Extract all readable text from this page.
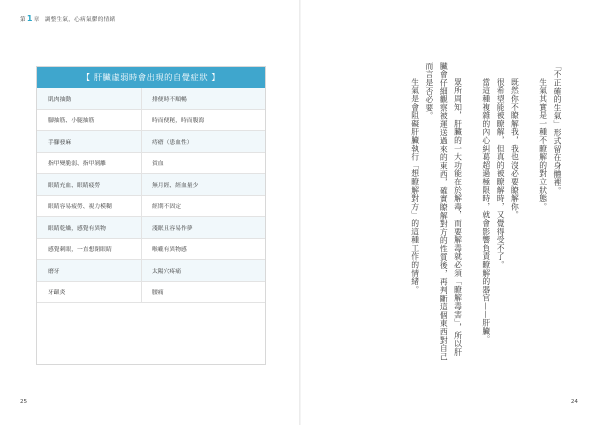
第 1 章 調整生氣，心病氣鬱的情緒
【 肝臟虛弱時會出現的自覺症狀 】
肌肉抽動	排便時不順暢
腳抽筋、小腿抽筋	時而便秘，時而腹瀉
手腳發麻	痔瘡（患血性）
指甲變脆弱、指甲剝離	貧血
眼睛充血、眼睛疲勞	無月經、經血量少
眼睛容易疲勞、視力模糊	經期不固定
眼睛乾燥，感覺有異物	淺眠且容易作夢
感覺刺眼，一直想閉眼睛	喉嚨有異物感
磨牙	太陽穴疼痛
牙齦炎	腰痛

「不正確的生氣」形式留在身體裡。

生氣其實是一種不瞭解的對立狀態。

既然你不瞭解我，我也沒必要瞭解你。

很希望能被瞭解，但真的被瞭解時，又覺得受不了。

當這種複雜的內心糾葛超過極限時，就會影響負責瞭解的器官——肝臟。

眾所周知，肝臟的一大功能在於解毒，而要解毒就必須「瞭解毒害」，所以肝臟會仔細觀察被運送過來的東西，確實瞭解對方的性質後，再判斷這個東西對自己而言是否必要。

生氣是會阻礙肝臟執行「想瞭解對方」的這種工作的情緒。

25	24
